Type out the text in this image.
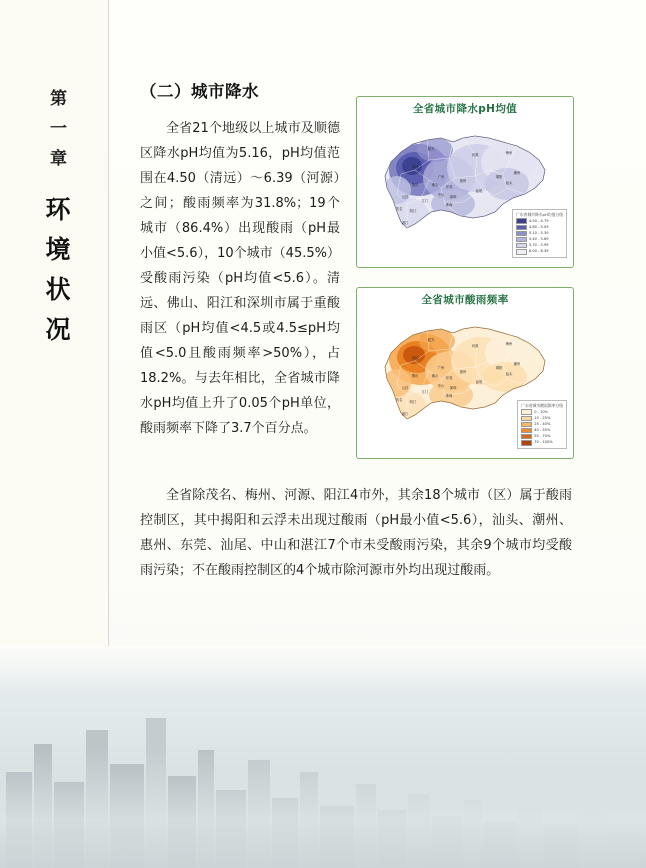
第
一
章
环
境
状
况
（二）城市降水

全省21个地级以上城市及顺德区降水pH均值为5.16，pH均值范围在4.50（清远）～6.39（河源）之间；酸雨频率为31.8%；19个城市（86.4%）出现酸雨（pH最小值<5.6），10个城市（45.5%）受酸雨污染（pH均值<5.6）。清远、佛山、阳江和深圳市属于重酸雨区（pH均值<4.5或4.5≤pH均值<5.0且酸雨频率>50%），占18.2%。与去年相比，全省城市降水pH均值上升了0.05个pH单位，酸雨频率下降了3.7个百分点。

全省除茂名、梅州、河源、阳江4市外，其余18个城市（区）属于酸雨控制区，其中揭阳和云浮未出现过酸雨（pH最小值<5.6），汕头、潮州、惠州、东莞、汕尾、中山和湛江7个市未受酸雨污染，其余9个城市均受酸雨污染；不在酸雨控制区的4个城市除河源市外均出现过酸雨。

全省城市降水pH均值
韶关
清远
河源	梅州
肇庆
广州
惠州
潮州
汕头
揭阳
云浮
佛山 东莞
深圳
中山
珠海
汕尾
江门
阳江
茂名
湛江
广东省城市降水pH均值分级
4.50 - 4.79
4.80 - 5.09
5.10 - 5.39
5.40 - 5.69
5.70 - 5.99
6.00 - 6.39
全省城市酸雨频率
韶关
清远
河源	梅州
肇庆
广州
惠州
潮州
汕头
揭阳
云浮
佛山 东莞
深圳
中山
珠海
汕尾
江门
阳江
茂名
湛江
广东省城市酸雨频率分级
0 - 10%
10 - 25%
25 - 40%
40 - 55%
55 - 70%
70 - 100%
